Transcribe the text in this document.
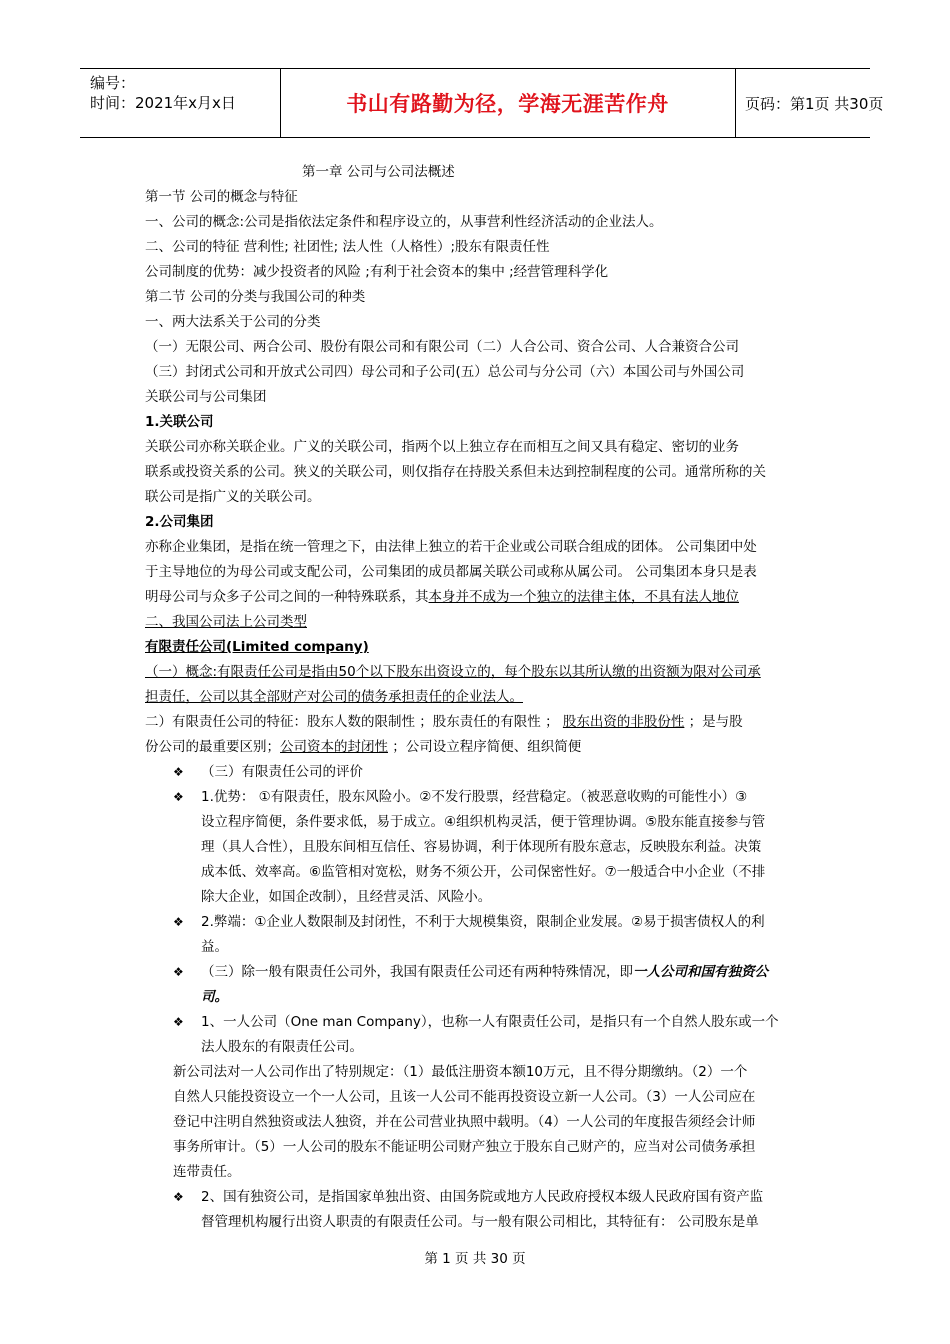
编号：
时间：2021年x月x日	书山有路勤为径，学海无涯苦作舟	页码：第1页 共30页
第一章 公司与公司法概述
第一节 公司的概念与特征
一、公司的概念:公司是指依法定条件和程序设立的，从事营利性经济活动的企业法人。
二、公司的特征 营利性; 社团性; 法人性（人格性）;股东有限责任性
公司制度的优势：减少投资者的风险 ;有利于社会资本的集中 ;经营管理科学化
第二节 公司的分类与我国公司的种类
一、两大法系关于公司的分类
（一）无限公司、两合公司、股份有限公司和有限公司（二）人合公司、资合公司、人合兼资合公司
（三）封闭式公司和开放式公司四）母公司和子公司(五）总公司与分公司（六）本国公司与外国公司
关联公司与公司集团
1.关联公司
关联公司亦称关联企业。广义的关联公司，指两个以上独立存在而相互之间又具有稳定、密切的业务
联系或投资关系的公司。狭义的关联公司，则仅指存在持股关系但未达到控制程度的公司。通常所称的关
联公司是指广义的关联公司。
2.公司集团
亦称企业集团，是指在统一管理之下，由法律上独立的若干企业或公司联合组成的团体。 公司集团中处
于主导地位的为母公司或支配公司，公司集团的成员都属关联公司或称从属公司。 公司集团本身只是表
明母公司与众多子公司之间的一种特殊联系，其本身并不成为一个独立的法律主体，不具有法人地位
二、我国公司法上公司类型
有限责任公司(Limited company)
（一）概念:有限责任公司是指由50个以下股东出资设立的，每个股东以其所认缴的出资额为限对公司承
担责任，公司以其全部财产对公司的债务承担责任的企业法人。
二）有限责任公司的特征：股东人数的限制性 ；股东责任的有限性 ； 股东出资的非股份性 ；是与股
份公司的最重要区别；公司资本的封闭性 ；公司设立程序简便、组织简便
❖ （三）有限责任公司的评价
❖ 1.优势： ①有限责任，股东风险小。②不发行股票，经营稳定。（被恶意收购的可能性小）③
设立程序简便，条件要求低，易于成立。④组织机构灵活，便于管理协调。⑤股东能直接参与管
理（具人合性），且股东间相互信任、容易协调，利于体现所有股东意志，反映股东利益。决策
成本低、效率高。⑥监管相对宽松，财务不须公开，公司保密性好。⑦一般适合中小企业（不排
除大企业，如国企改制），且经营灵活、风险小。
❖ 2.弊端：①企业人数限制及封闭性，不利于大规模集资，限制企业发展。②易于损害债权人的利
益。
❖ （三）除一般有限责任公司外，我国有限责任公司还有两种特殊情况，即一人公司和国有独资公
司。
❖ 1、一人公司（One man Company），也称一人有限责任公司，是指只有一个自然人股东或一个
法人股东的有限责任公司。
新公司法对一人公司作出了特别规定：（1）最低注册资本额10万元，且不得分期缴纳。（2）一个
自然人只能投资设立一个一人公司，且该一人公司不能再投资设立新一人公司。（3）一人公司应在
登记中注明自然独资或法人独资，并在公司营业执照中载明。（4）一人公司的年度报告须经会计师
事务所审计。（5）一人公司的股东不能证明公司财产独立于股东自己财产的，应当对公司债务承担
连带责任。
❖ 2、国有独资公司，是指国家单独出资、由国务院或地方人民政府授权本级人民政府国有资产监
督管理机构履行出资人职责的有限责任公司。与一般有限公司相比，其特征有： 公司股东是单
第 1 页 共 30 页
